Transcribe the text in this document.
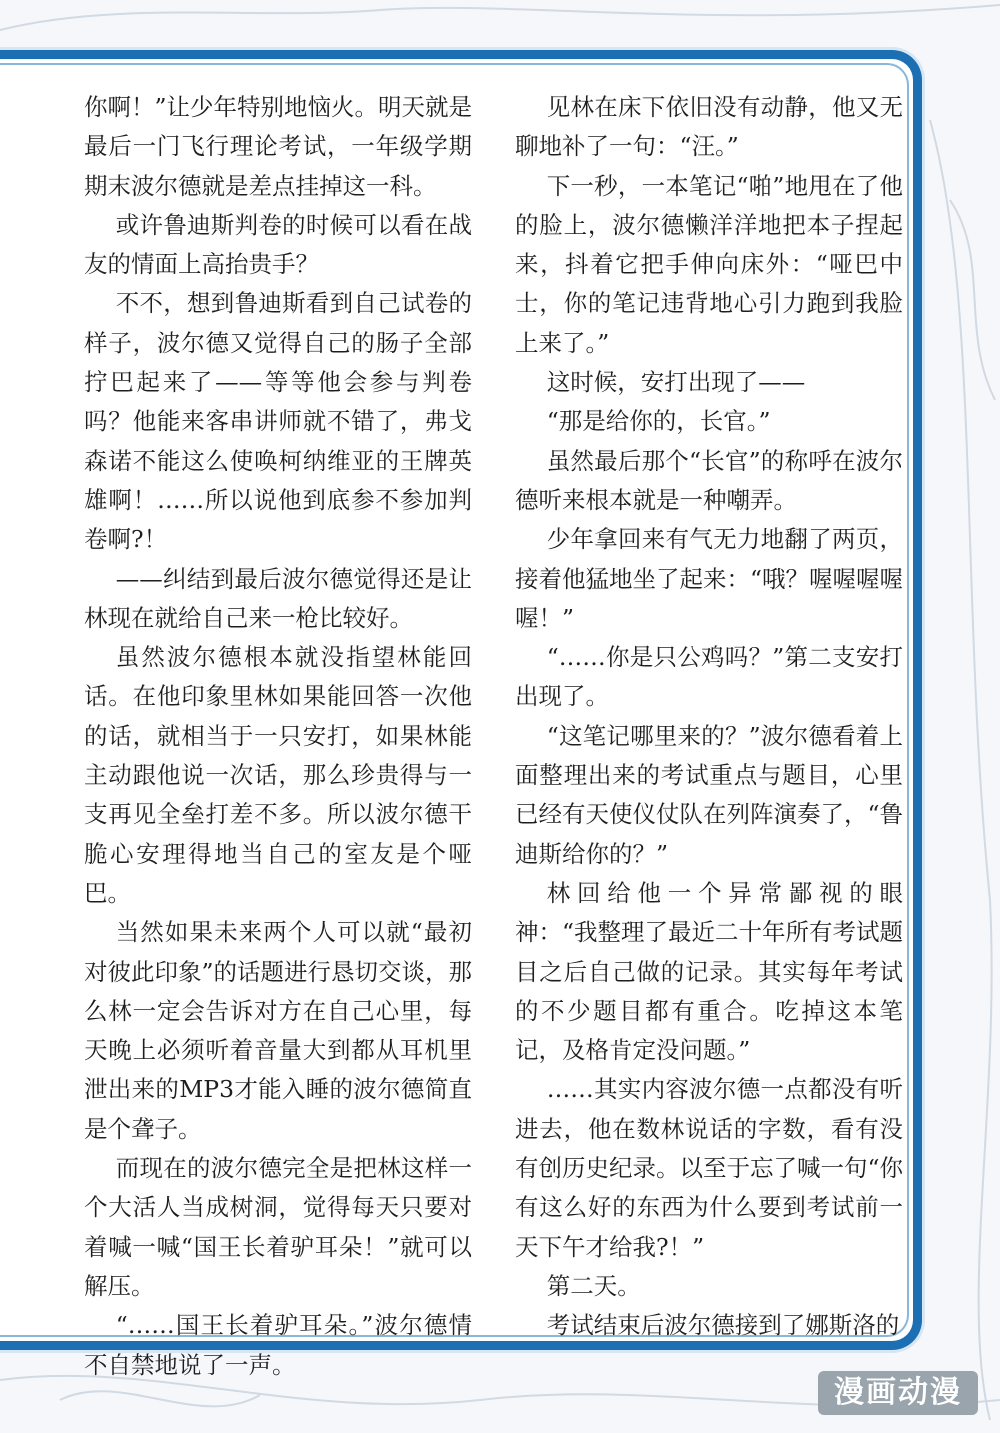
你啊！”让少年特别地恼火。明天就是最后一门飞行理论考试，一年级学期期末波尔德就是差点挂掉这一科。

或许鲁迪斯判卷的时候可以看在战友的情面上高抬贵手？

不不，想到鲁迪斯看到自己试卷的样子，波尔德又觉得自己的肠子全部拧巴起来了——等等他会参与判卷吗？他能来客串讲师就不错了，弗戈森诺不能这么使唤柯纳维亚的王牌英雄啊！……所以说他到底参不参加判卷啊?！

——纠结到最后波尔德觉得还是让林现在就给自己来一枪比较好。

虽然波尔德根本就没指望林能回话。在他印象里林如果能回答一次他的话，就相当于一只安打，如果林能主动跟他说一次话，那么珍贵得与一支再见全垒打差不多。所以波尔德干脆心安理得地当自己的室友是个哑巴。

当然如果未来两个人可以就“最初对彼此印象”的话题进行恳切交谈，那么林一定会告诉对方在自己心里，每天晚上必须听着音量大到都从耳机里泄出来的MP3才能入睡的波尔德简直是个聋子。

而现在的波尔德完全是把林这样一个大活人当成树洞，觉得每天只要对着喊一喊“国王长着驴耳朵！”就可以解压。

“……国王长着驴耳朵。”波尔德情不自禁地说了一声。

见林在床下依旧没有动静，他又无聊地补了一句：“汪。”

下一秒，一本笔记“啪”地甩在了他的脸上，波尔德懒洋洋地把本子捏起来，抖着它把手伸向床外：“哑巴中士，你的笔记违背地心引力跑到我脸上来了。”

这时候，安打出现了——

“那是给你的，长官。”

虽然最后那个“长官”的称呼在波尔德听来根本就是一种嘲弄。

少年拿回来有气无力地翻了两页，接着他猛地坐了起来：“哦？喔喔喔喔喔！”

“……你是只公鸡吗？”第二支安打出现了。

“这笔记哪里来的？”波尔德看着上面整理出来的考试重点与题目，心里已经有天使仪仗队在列阵演奏了，“鲁迪斯给你的？”

林回给他一个异常鄙视的眼神：“我整理了最近二十年所有考试题目之后自己做的记录。其实每年考试的不少题目都有重合。吃掉这本笔记，及格肯定没问题。”

……其实内容波尔德一点都没有听进去，他在数林说话的字数，看有没有创历史纪录。以至于忘了喊一句“你有这么好的东西为什么要到考试前一天下午才给我?！”

第二天。

考试结束后波尔德接到了娜斯洛的

漫画动漫
